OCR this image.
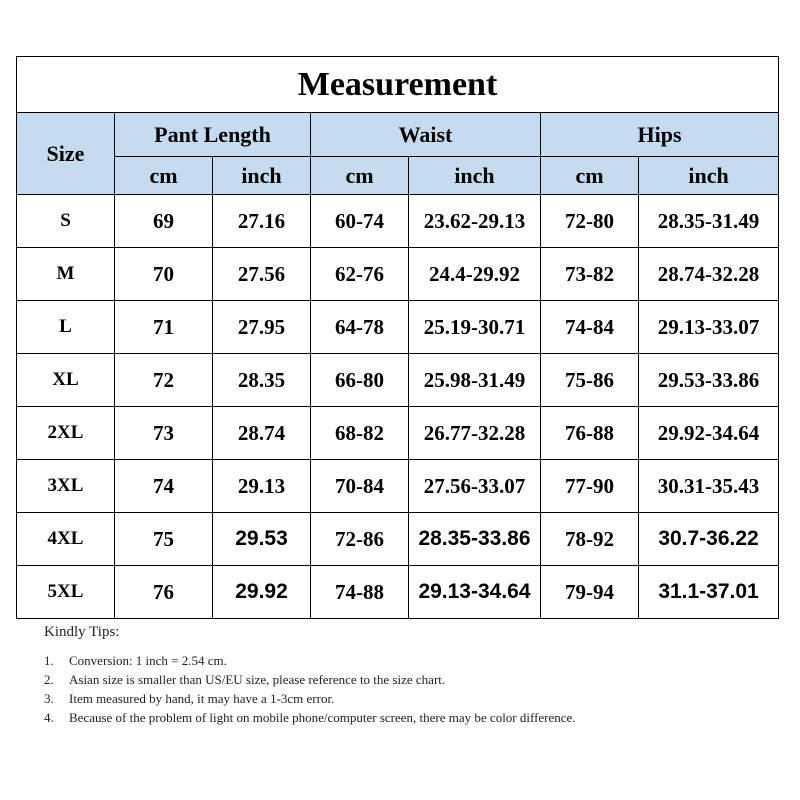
Measurement						
Size	Pant Length		Waist		Hips	
	cm	inch	cm	inch	cm	inch
S	69	27.16	60-74	23.62-29.13	72-80	28.35-31.49
M	70	27.56	62-76	24.4-29.92	73-82	28.74-32.28
L	71	27.95	64-78	25.19-30.71	74-84	29.13-33.07
XL	72	28.35	66-80	25.98-31.49	75-86	29.53-33.86
2XL	73	28.74	68-82	26.77-32.28	76-88	29.92-34.64
3XL	74	29.13	70-84	27.56-33.07	77-90	30.31-35.43
4XL	75	29.53	72-86	28.35-33.86	78-92	30.7-36.22
5XL	76	29.92	74-88	29.13-34.64	79-94	31.1-37.01
Kindly Tips:
1.	Conversion: 1 inch = 2.54 cm.
2.	Asian size is smaller than US/EU size, please reference to the size chart.
3.	Item measured by hand, it may have a 1-3cm error.
4.	Because of the problem of light on mobile phone/computer screen, there may be color difference.
